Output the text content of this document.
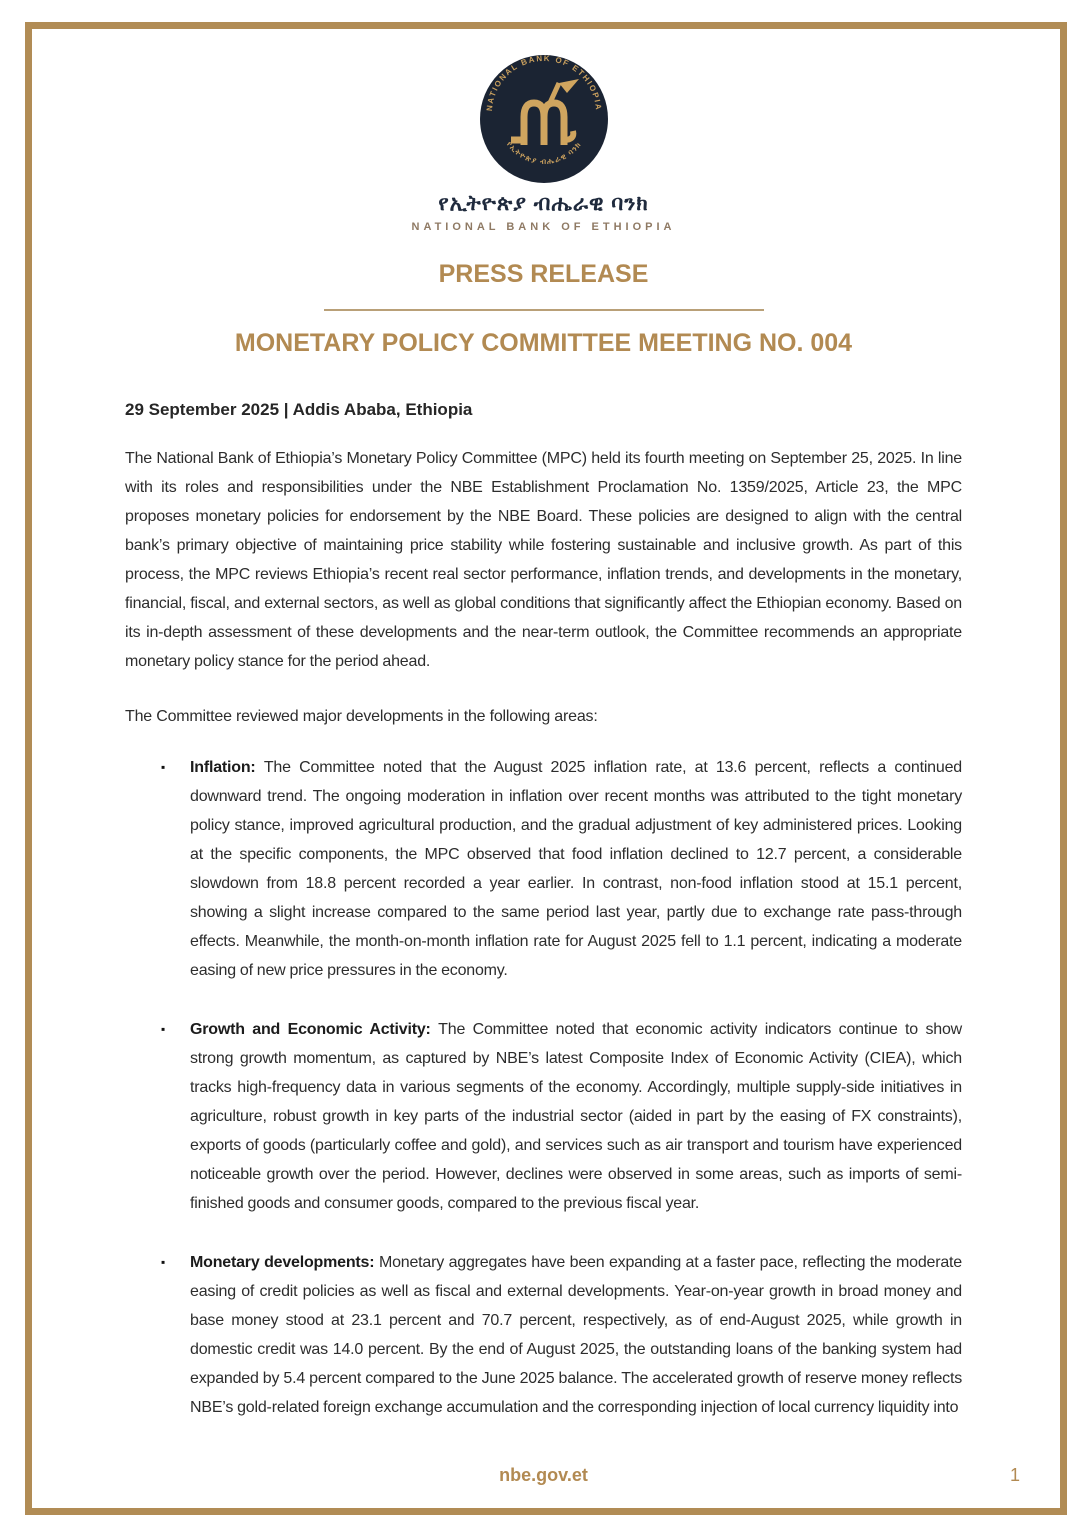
NATIONAL BANK OF ETHIOPIA
የኢትዮጵያ ብሔራዊ ባንክ
የኢትዮጵያ ብሔራዊ ባንክ
NATIONAL BANK OF ETHIOPIA
PRESS RELEASE
MONETARY POLICY COMMITTEE MEETING NO. 004
29 September 2025 | Addis Ababa, Ethiopia

The National Bank of Ethiopia’s Monetary Policy Committee (MPC) held its fourth meeting on September 25, 2025. In line with its roles and responsibilities under the NBE Establishment Proclamation No. 1359/2025, Article 23, the MPC proposes monetary policies for endorsement by the NBE Board. These policies are designed to align with the central bank’s primary objective of maintaining price stability while fostering sustainable and inclusive growth. As part of this process, the MPC reviews Ethiopia’s recent real sector performance, inflation trends, and developments in the monetary, financial, fiscal, and external sectors, as well as global conditions that significantly affect the Ethiopian economy. Based on its in-depth assessment of these developments and the near-term outlook, the Committee recommends an appropriate monetary policy stance for the period ahead.

The Committee reviewed major developments in the following areas:

▪ Inflation: The Committee noted that the August 2025 inflation rate, at 13.6 percent, reflects a continued downward trend. The ongoing moderation in inflation over recent months was attributed to the tight monetary policy stance, improved agricultural production, and the gradual adjustment of key administered prices. Looking at the specific components, the MPC observed that food inflation declined to 12.7 percent, a considerable slowdown from 18.8 percent recorded a year earlier. In contrast, non-food inflation stood at 15.1 percent, showing a slight increase compared to the same period last year, partly due to exchange rate pass-through effects. Meanwhile, the month-on-month inflation rate for August 2025 fell to 1.1 percent, indicating a moderate easing of new price pressures in the economy.
▪ Growth and Economic Activity: The Committee noted that economic activity indicators continue to show strong growth momentum, as captured by NBE’s latest Composite Index of Economic Activity (CIEA), which tracks high-frequency data in various segments of the economy. Accordingly, multiple supply-side initiatives in agriculture, robust growth in key parts of the industrial sector (aided in part by the easing of FX constraints), exports of goods (particularly coffee and gold), and services such as air transport and tourism have experienced noticeable growth over the period. However, declines were observed in some areas, such as imports of semi-finished goods and consumer goods, compared to the previous fiscal year.
▪ Monetary developments: Monetary aggregates have been expanding at a faster pace, reflecting the moderate easing of credit policies as well as fiscal and external developments. Year-on-year growth in broad money and base money stood at 23.1 percent and 70.7 percent, respectively, as of end-August 2025, while growth in domestic credit was 14.0 percent. By the end of August 2025, the outstanding loans of the banking system had expanded by 5.4 percent compared to the June 2025 balance. The accelerated growth of reserve money reflects NBE’s gold-related foreign exchange accumulation and the corresponding injection of local currency liquidity into
nbe.gov.et	1
